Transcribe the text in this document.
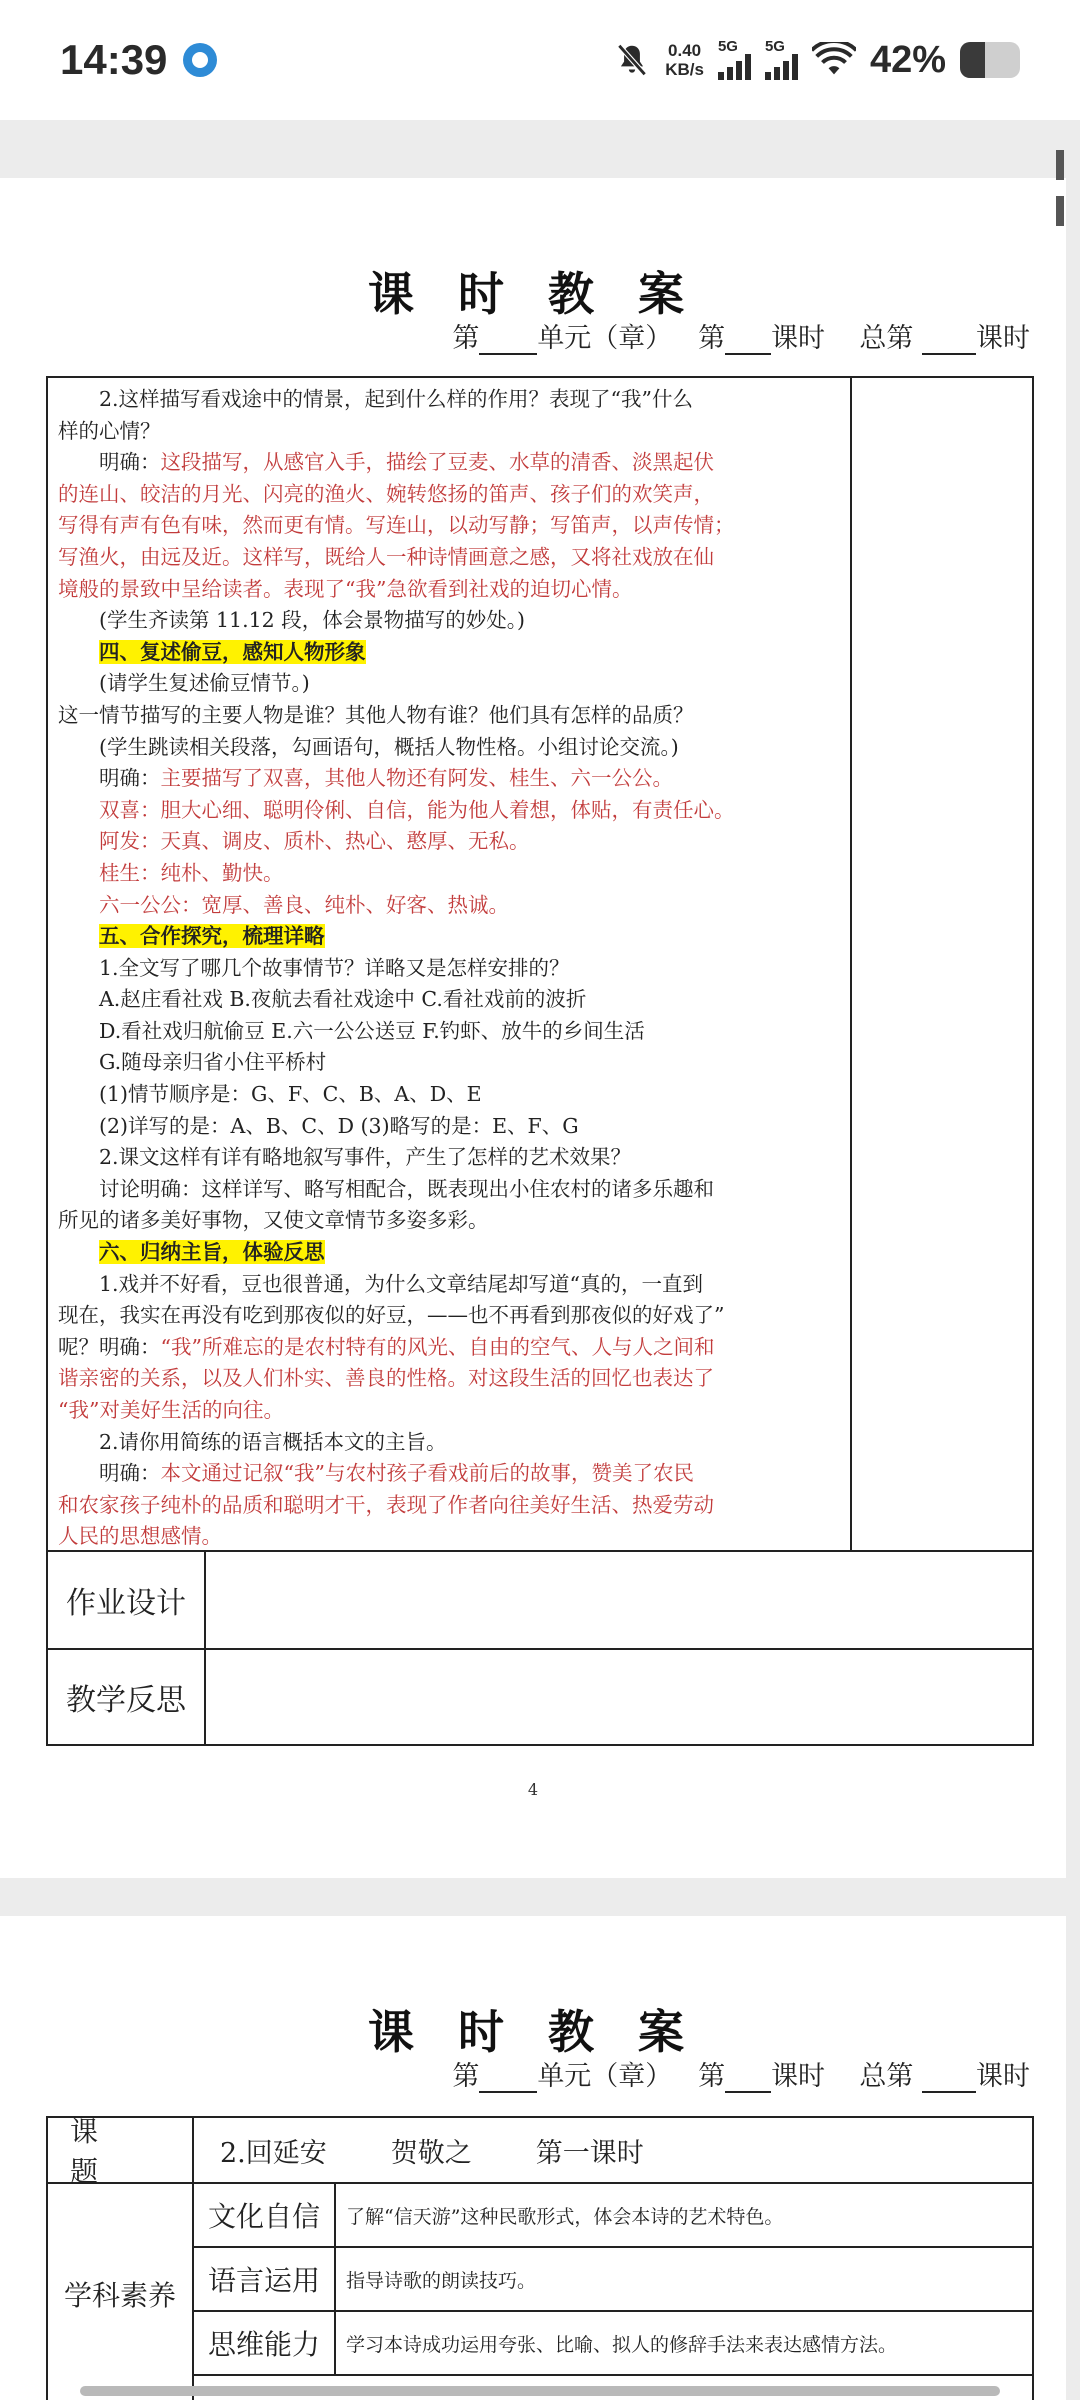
14:39	0.40
KB/s
5G 5G 42%
课 时 教 案
第 单元（章） 第 课时 总第 课时
2.这样描写看戏途中的情景，起到什么样的作用？表现了“我”什么
样的心情？
明确：这段描写，从感官入手，描绘了豆麦、水草的清香、淡黑起伏
的连山、皎洁的月光、闪亮的渔火、婉转悠扬的笛声、孩子们的欢笑声，
写得有声有色有味，然而更有情。写连山，以动写静；写笛声，以声传情；
写渔火，由远及近。这样写，既给人一种诗情画意之感，又将社戏放在仙
境般的景致中呈给读者。表现了“我”急欲看到社戏的迫切心情。
(学生齐读第 11.12 段，体会景物描写的妙处。)
四、复述偷豆，感知人物形象
(请学生复述偷豆情节。)
这一情节描写的主要人物是谁？其他人物有谁？他们具有怎样的品质？
(学生跳读相关段落，勾画语句，概括人物性格。小组讨论交流。)
明确：主要描写了双喜，其他人物还有阿发、桂生、六一公公。
双喜：胆大心细、聪明伶俐、自信，能为他人着想，体贴，有责任心。
阿发：天真、调皮、质朴、热心、憨厚、无私。
桂生：纯朴、勤快。
六一公公：宽厚、善良、纯朴、好客、热诚。
五、合作探究，梳理详略
1.全文写了哪几个故事情节？详略又是怎样安排的？
A.赵庄看社戏 B.夜航去看社戏途中 C.看社戏前的波折
D.看社戏归航偷豆 E.六一公公送豆 F.钓虾、放牛的乡间生活
G.随母亲归省小住平桥村
(1)情节顺序是：G、F、C、B、A、D、E
(2)详写的是：A、B、C、D (3)略写的是：E、F、G
2.课文这样有详有略地叙写事件，产生了怎样的艺术效果？
讨论明确：这样详写、略写相配合，既表现出小住农村的诸多乐趣和
所见的诸多美好事物，又使文章情节多姿多彩。
六、归纳主旨，体验反思
1.戏并不好看，豆也很普通，为什么文章结尾却写道“真的，一直到
现在，我实在再没有吃到那夜似的好豆，——也不再看到那夜似的好戏了”
呢？明确：“我”所难忘的是农村特有的风光、自由的空气、人与人之间和
谐亲密的关系，以及人们朴实、善良的性格。对这段生活的回忆也表达了
“我”对美好生活的向往。
2.请你用简练的语言概括本文的主旨。
明确：本文通过记叙“我”与农村孩子看戏前后的故事，赞美了农民
和农家孩子纯朴的品质和聪明才干，表现了作者向往美好生活、热爱劳动
人民的思想感情。
作业设计
教学反思
4
课 时 教 案
第 单元（章） 第 课时 总第 课时
课 题
2.回延安 贺敬之 第一课时
学科素养
文化自信	了解“信天游”这种民歌形式，体会本诗的艺术特色。
语言运用	指导诗歌的朗读技巧。
思维能力	学习本诗成功运用夸张、比喻、拟人的修辞手法来表达感情方法。
